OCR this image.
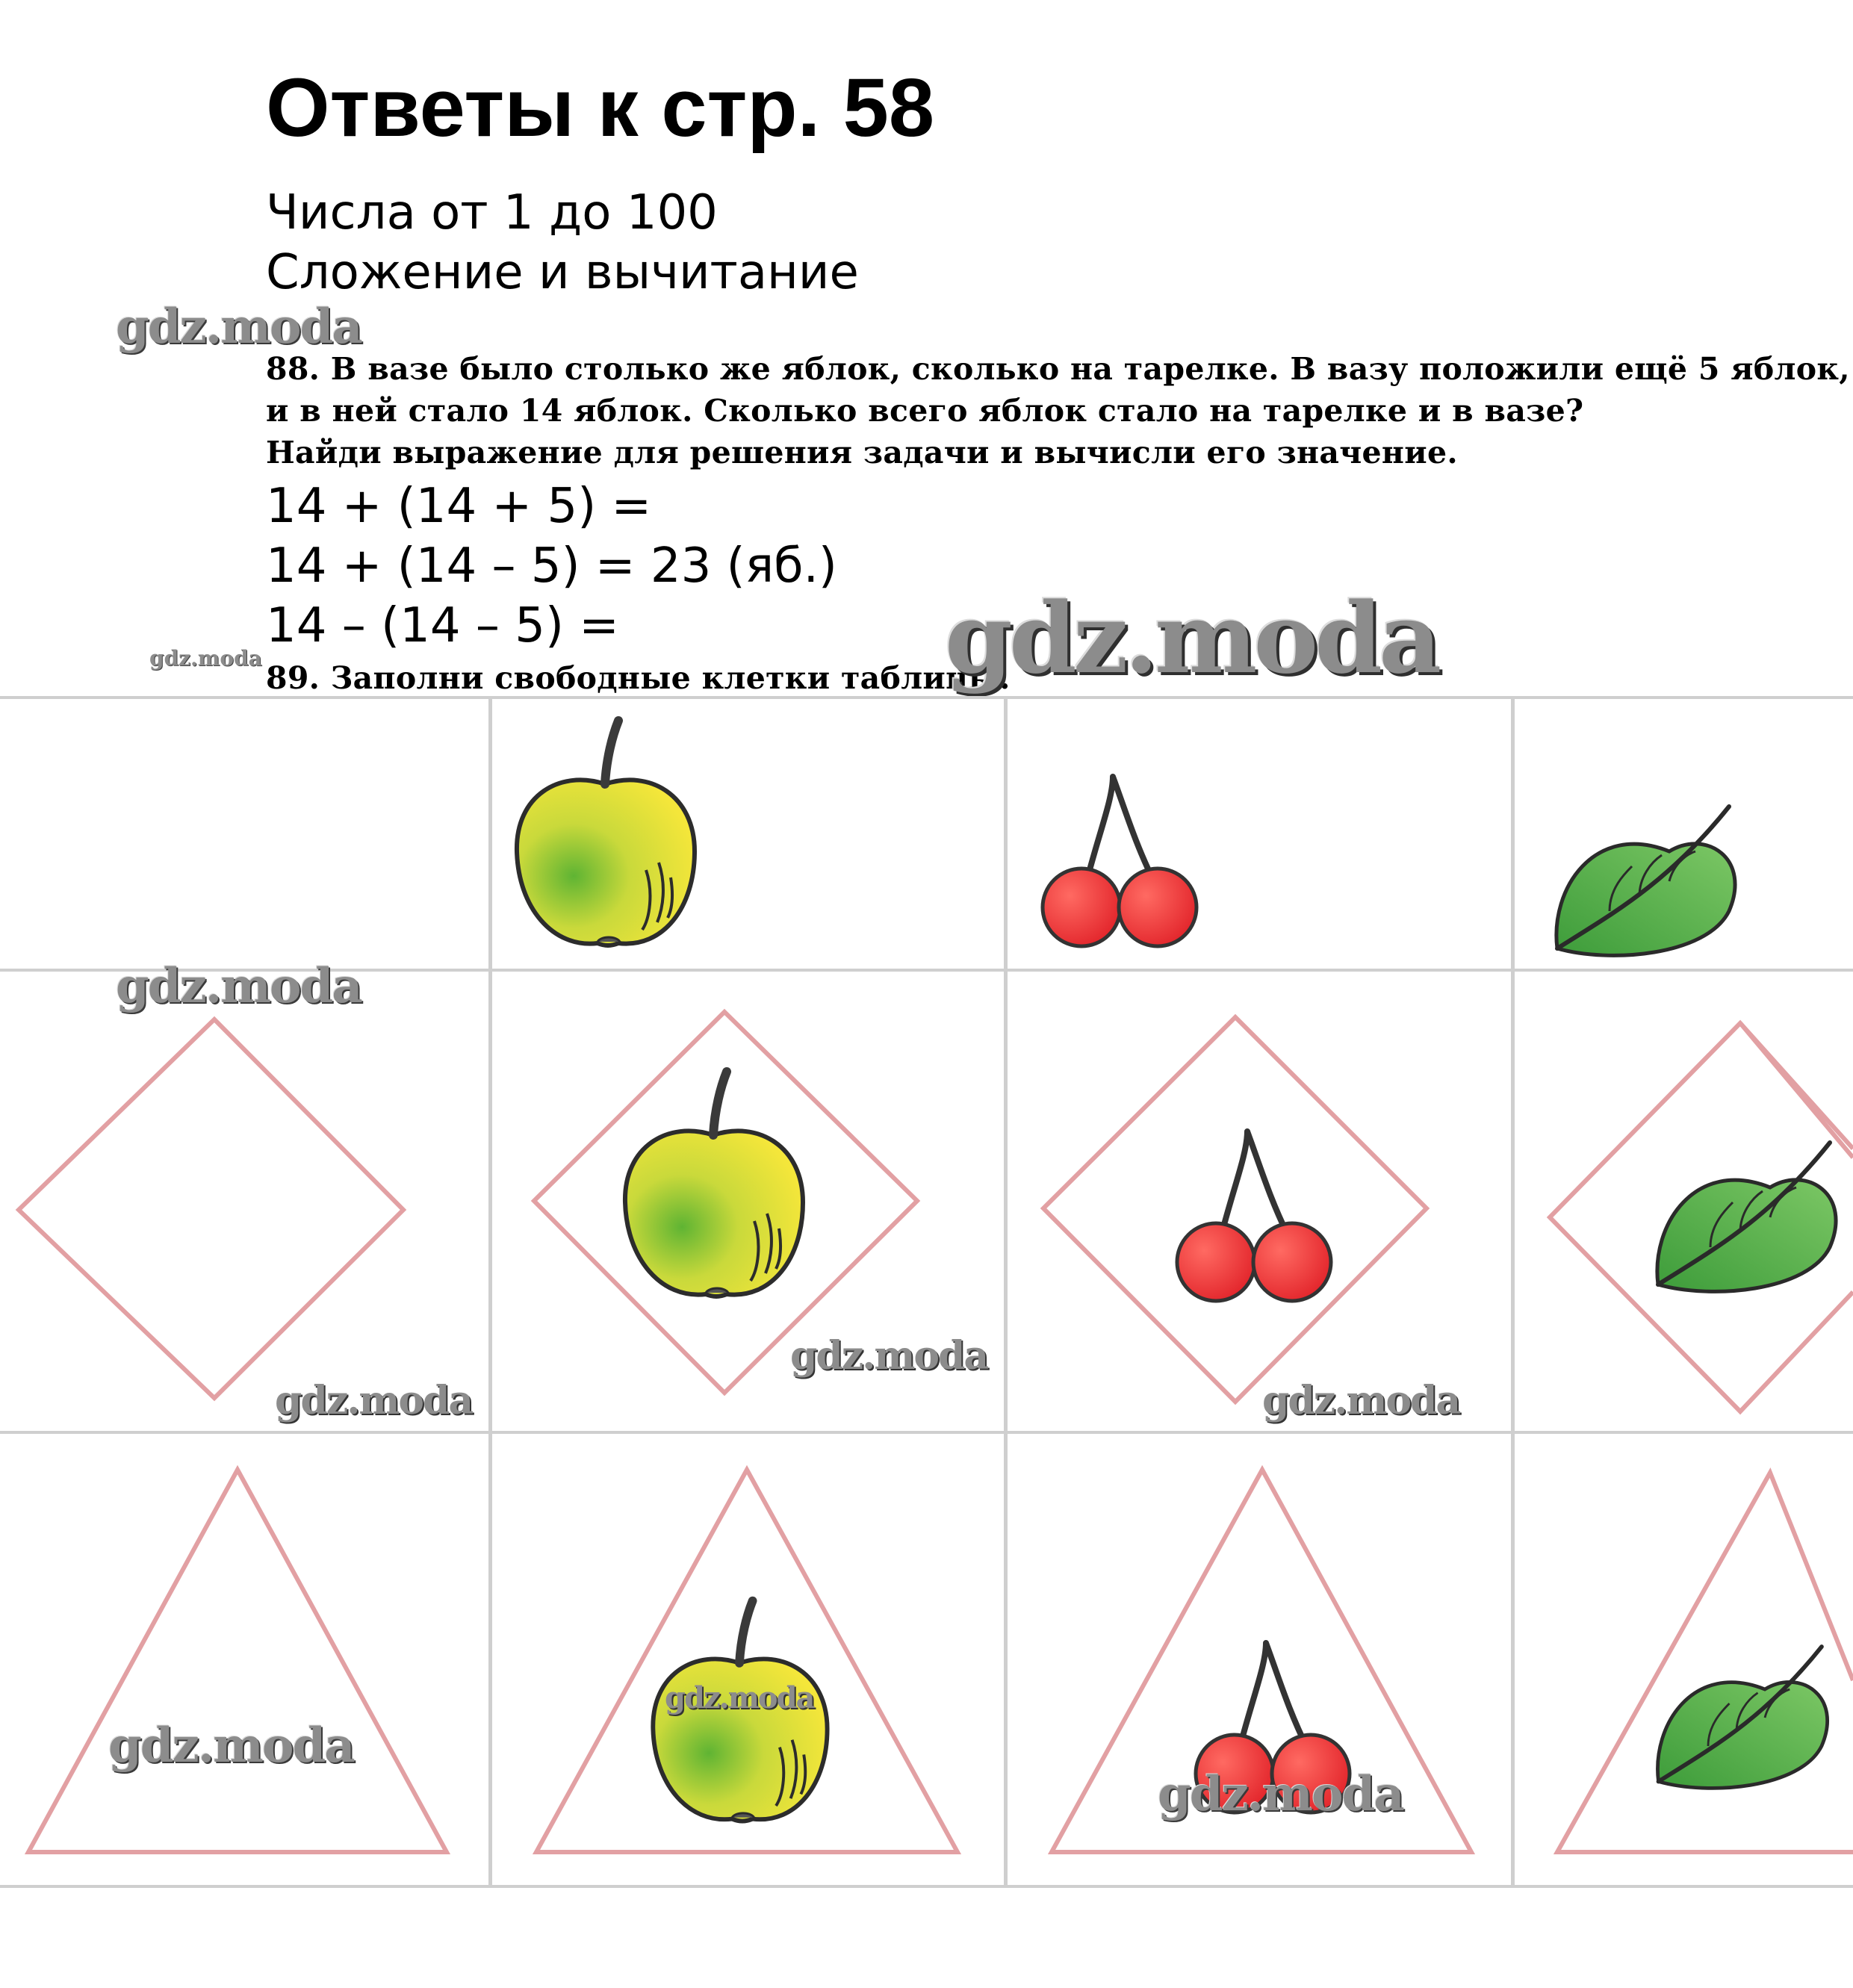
Ответы к стр. 58
Числа от 1 до 100
Сложение и вычитание
88. В вазе было столько же яблок, сколько на тарелке. В вазу положили ещё 5 яблок,
и в ней стало 14 яблок. Сколько всего яблок стало на тарелке и в вазе?
Найди выражение для решения задачи и вычисли его значение.
14 + (14 + 5) =
14 + (14 – 5) = 23 (яб.)
14 – (14 – 5) =
89. Заполни свободные клетки таблицы.
gdz.moda
gdz.moda	gdz.moda
gdz.moda
gdz.moda
gdz.moda
gdz.moda
gdz.moda
gdz.moda
gdz.moda
